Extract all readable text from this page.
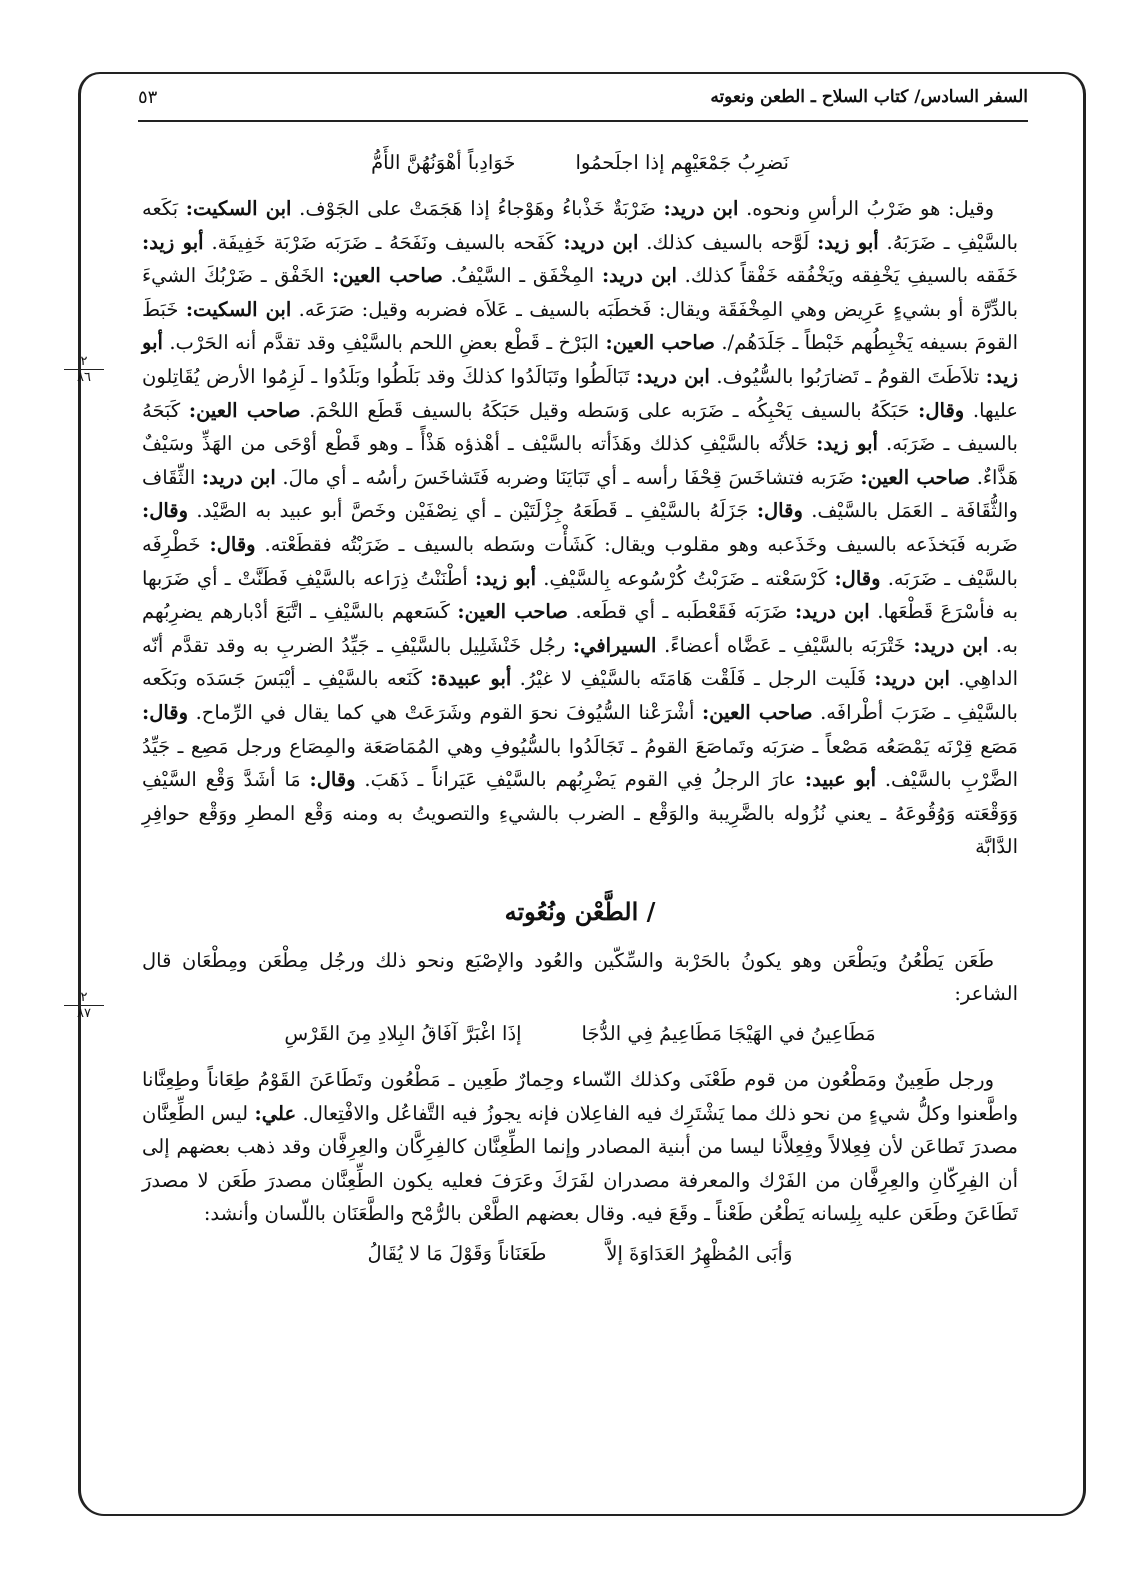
السفر السادس/ كتاب السلاح ـ الطعن ونعوته
٥٣
٢
٨٦
٢
٨٧
نَضرِبُ جَمْعَيْهِم إذا اجلَحمُوا
خَوَادِباً أهْوَنُهُنَّ الأَمُّ

وقيل: هو ضَرْبُ الرأسِ ونحوه. ابن دريد: ضَرْبَةٌ خَذْباءُ وهَوْجاءُ إذا هَجَمَتْ على الجَوْف. ابن السكيت: بَكَعه بالسَّيْفِ ـ ضَرَبَهُ. أبو زيد: لَوَّحه بالسيف كذلك. ابن دريد: كَفَحه بالسيف ونَفَحَهُ ـ ضَرَبَه ضَرْبَة خَفِيفَة. أبو زيد: خَفَقه بالسيفِ يَخْفِقه ويَخْفُقه خَفْقاً كذلك. ابن دريد: المِخْفَق ـ السَّيْفُ. صاحب العين: الخَفْق ـ ضَرْبُكَ الشيءَ بالدِّرَّة أو بشيءٍ عَرِيض وهي المِخْفَقَة ويقال: فَخطَبَه بالسيف ـ عَلاَه فضربه وقيل: صَرَعَه. ابن السكيت: خَبَطَ القومَ بسيفه يَخْبِطُهم خَبْطاً ـ جَلَدَهُم/. صاحب العين: البَرْخ ـ قَطْع بعضِ اللحم بالسَّيْفِ وقد تقدَّم أنه الحَرْب. أبو زيد: تلاَطَتَ القومُ ـ تَضارَبُوا بالسُّيُوف. ابن دريد: تَبَالَطُوا وتَبَالَدُوا كذلكَ وقد بَلَطُوا وبَلَدُوا ـ لَزِمُوا الأرض يُقَاتِلون عليها. وقال: حَبَكَهُ بالسيف يَحْبِكُه ـ ضَرَبه على وَسَطه وقيل حَبَكَهُ بالسيف قَطَع اللحْمَ. صاحب العين: كَبَحَهُ بالسيف ـ ضَرَبَه. أبو زيد: حَلأتُه بالسَّيْفِ كذلك وهَذَأته بالسَّيْف ـ أهْذؤه هَذْأً ـ وهو قَطْع أوْحَى من الهَذِّ وسَيْفٌ هَذَّاءٌ. صاحب العين: ضَرَبه فتشاخَسَ قِحْفَا رأسه ـ أي تَبَايَنَا وضربه فَتَشاخَسَ رأسُه ـ أي مالَ. ابن دريد: الثِّقَاف والثُّقَافَة ـ العَمَل بالسَّيْف. وقال: جَزَلَهُ بالسَّيْفِ ـ قَطَعَهُ جِزْلَتَيْن ـ أي نِصْفَيْن وخَصَّ أبو عبيد به الصَّيْد. وقال: ضَربه فَبَخذَعه بالسيف وخَذَعبه وهو مقلوب ويقال: كَشَأْت وسَطه بالسيف ـ ضَرَبْتُه فقطَعْته. وقال: خَطْرِفَه بالسَّيْف ـ ضَرَبَه. وقال: كَرْسَعْته ـ ضَرَبْتُ كُرْسُوعه بِالسَّيْفِ. أبو زيد: أطْنَنْتُ ذِرَاعه بالسَّيْفِ فَطَنَّتْ ـ أي ضَرَبها به فأسْرَعَ قَطْعَها. ابن دريد: ضَرَبَه فَقَعْطَبه ـ أي قطَعه. صاحب العين: كَسَعهم بالسَّيْفِ ـ اتَّبَعَ أدْبارهم يضرِبُهم به. ابن دريد: خَتْرَبَه بالسَّيْفِ ـ عَضَّاه أعضاءً. السيرافي: رجُل خَنْشَلِيل بالسَّيْفِ ـ جَيِّدُ الضربِ به وقد تقدَّم أنّه الداهِي. ابن دريد: فَلَيت الرجل ـ فَلَقْت هَامَتَه بالسَّيْفِ لا غيْرُ. أبو عبيدة: كَنَعه بالسَّيْفِ ـ أيْبَسَ جَسَدَه وبَكَعه بالسَّيْفِ ـ ضَرَبَ أطْرافَه. صاحب العين: أشْرَعْنا السُّيُوفَ نحوَ القوم وشَرَعَتْ هي كما يقال في الرِّماح. وقال: مَصَع قِرْنَه يَمْصَعُه مَصْعاً ـ ضرَبَه وتَماصَعَ القومُ ـ تَجَالَدُوا بالسُّيُوفِ وهي المُمَاصَعَة والمِصَاع ورجل مَصِع ـ جَيِّدُ الضَّرْبِ بالسَّيْف. أبو عبيد: عارَ الرجلُ فِي القوم يَضْرِبُهم بالسَّيْفِ عَيَراناً ـ ذَهَبَ. وقال: مَا أشَدَّ وَقْع السَّيْفِ وَوَقْعَته وَوُقُوعَهُ ـ يعني نُزُوله بالضَّرِيبة والوَقْع ـ الضرب بالشيءِ والتصويتُ به ومنه وَقْع المطرِ ووَقْع حوافِرِ الدَّابَّة

/ الطَّعْن ونُعُوته

طَعَن يَطْعُنُ ويَطْعَن وهو يكونُ بالحَرْبة والسِّكّين والعُود والإصْبَع ونحو ذلك ورجُل مِطْعَن ومِطْعَان قال الشاعر:

مَطَاعِينُ في الهَيْجَا مَطَاعِيمُ فِي الدُّجَا
إذَا اغْبَرَّ آفَاقُ البِلادِ مِنَ القَرْسِ

ورجل طَعِينٌ ومَطْعُون من قوم طَعْنَى وكذلك النّساء وحِمارٌ طَعِين ـ مَطْعُون وتَطَاعَنَ القَوْمُ طِعَاناً وطِعِنَّانا واطَّعنوا وكلُّ شيءٍ من نحو ذلك مما يَشْتَرِك فيه الفاعِلان فإنه يجوزُ فيه التَّفاعُل والافْتِعال. علي: ليس الطِّعِنَّان مصدرَ تَطاعَن لأن فِعِلالاً وفِعِلاَّنا ليسا من أبنية المصادر وإنما الطِّعِنَّان كالفِرِكَّان والعِرِفَّان وقد ذهب بعضهم إلى أن الفِرِكّانِ والعِرِفَّان من الفَرْك والمعرفة مصدران لفَرَكَ وعَرَفَ فعليه يكون الطِّعِنَّان مصدرَ طَعَن لا مصدرَ تَطَاعَنَ وطَعَن عليه بِلِسانه يَطْعُن طَعْناً ـ وقَعَ فيه. وقال بعضهم الطَّعْن بالرُّمْح والطَّعَنَان باللّسان وأنشد:

وَأبَى المُظْهِرُ العَدَاوَةَ إلاَّ
طَعَنَاناً وَقَوْلَ مَا لا يُقَالُ
